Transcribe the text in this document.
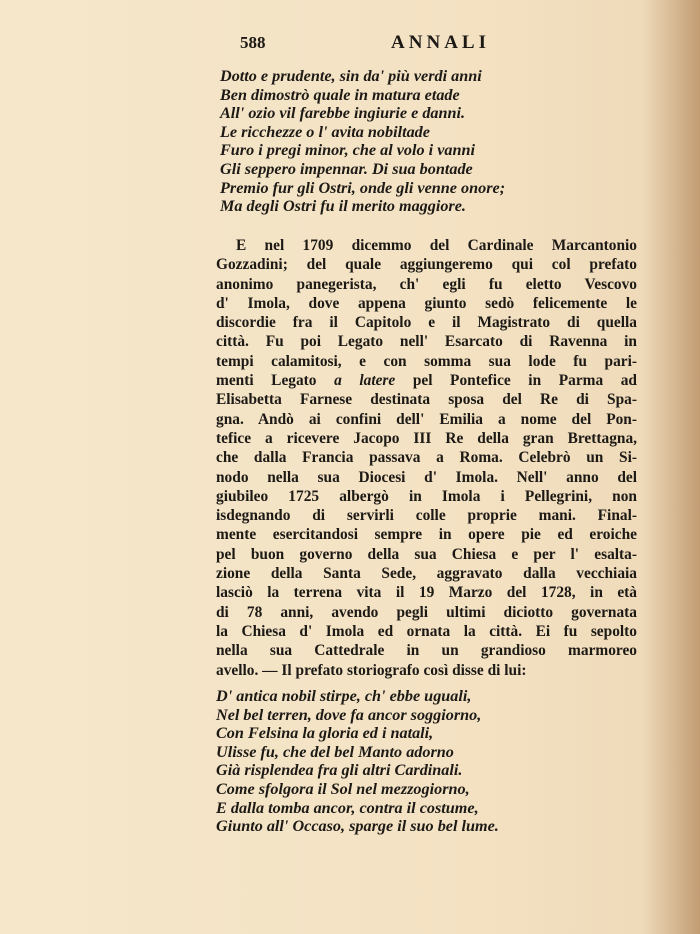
588	ANNALI
Dotto e prudente, sin da' più verdi anni
Ben dimostrò quale in matura etade
All' ozio vil farebbe ingiurie e danni.
Le ricchezze o l' avita nobiltade
Furo i pregi minor, che al volo i vanni
Gli seppero impennar. Di sua bontade
Premio fur gli Ostri, onde gli venne onore;
Ma degli Ostri fu il merito maggiore.
E nel 1709 dicemmo del Cardinale Marcantonio
Gozzadini; del quale aggiungeremo qui col prefato
anonimo panegerista, ch' egli fu eletto Vescovo
d' Imola, dove appena giunto sedò felicemente le
discordie fra il Capitolo e il Magistrato di quella
città. Fu poi Legato nell' Esarcato di Ravenna in
tempi calamitosi, e con somma sua lode fu pari-
menti Legato a latere pel Pontefice in Parma ad
Elisabetta Farnese destinata sposa del Re di Spa-
gna. Andò ai confini dell' Emilia a nome del Pon-
tefice a ricevere Jacopo III Re della gran Brettagna,
che dalla Francia passava a Roma. Celebrò un Si-
nodo nella sua Diocesi d' Imola. Nell' anno del
giubileo 1725 albergò in Imola i Pellegrini, non
isdegnando di servirli colle proprie mani. Final-
mente esercitandosi sempre in opere pie ed eroiche
pel buon governo della sua Chiesa e per l' esalta-
zione della Santa Sede, aggravato dalla vecchiaia
lasciò la terrena vita il 19 Marzo del 1728, in età
di 78 anni, avendo pegli ultimi diciotto governata
la Chiesa d' Imola ed ornata la città. Ei fu sepolto
nella sua Cattedrale in un grandioso marmoreo
avello. — Il prefato storiografo così disse di lui:
D' antica nobil stirpe, ch' ebbe uguali,
Nel bel terren, dove fa ancor soggiorno,
Con Felsina la gloria ed i natali,
Ulisse fu, che del bel Manto adorno
Già risplendea fra gli altri Cardinali.
Come sfolgora il Sol nel mezzogiorno,
E dalla tomba ancor, contra il costume,
Giunto all' Occaso, sparge il suo bel lume.
